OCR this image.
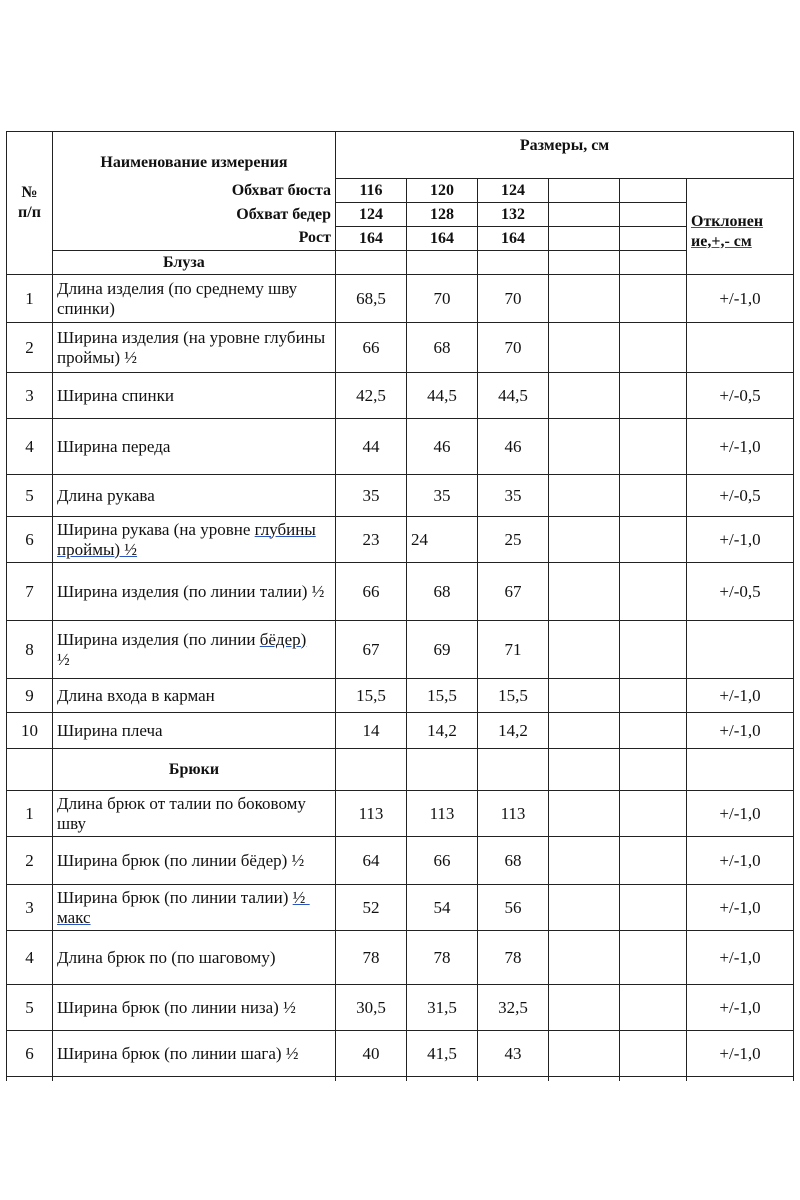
№
п/п	Наименование измерения	Размеры, см					
	Обхват бюста	116	120	124			Отклонен ие,+,- см
	Обхват бедер	124	128	132			
	Рост	164	164	164			
	Блуза						
1	Длина изделия (по среднему шву спинки)	68,5	70	70			+/-1,0
2	Ширина изделия (на уровне глубины проймы) ½	66	68	70			
3	Ширина спинки	42,5	44,5	44,5			+/-0,5
4	Ширина переда	44	46	46			+/-1,0
5	Длина рукава	35	35	35			+/-0,5
6	Ширина рукава (на уровне глубины проймы) ½	23	24	25			+/-1,0
7	Ширина изделия (по линии талии) ½	66	68	67			+/-0,5
8	Ширина изделия (по линии бёдер)   ½	67	69	71			
9	Длина входа в карман	15,5	15,5	15,5			+/-1,0
10	Ширина плеча	14	14,2	14,2			+/-1,0
	Брюки						
1	Длина брюк от талии по боковому шву	113	113	113			+/-1,0
2	Ширина брюк (по линии бёдер) ½	64	66	68			+/-1,0
3	Ширина брюк (по линии талии) ½  макс	52	54	56			+/-1,0
4	Длина брюк по (по шаговому)	78	78	78			+/-1,0
5	Ширина брюк (по линии низа) ½	30,5	31,5	32,5			+/-1,0
6	Ширина брюк (по линии шага) ½	40	41,5	43			+/-1,0
